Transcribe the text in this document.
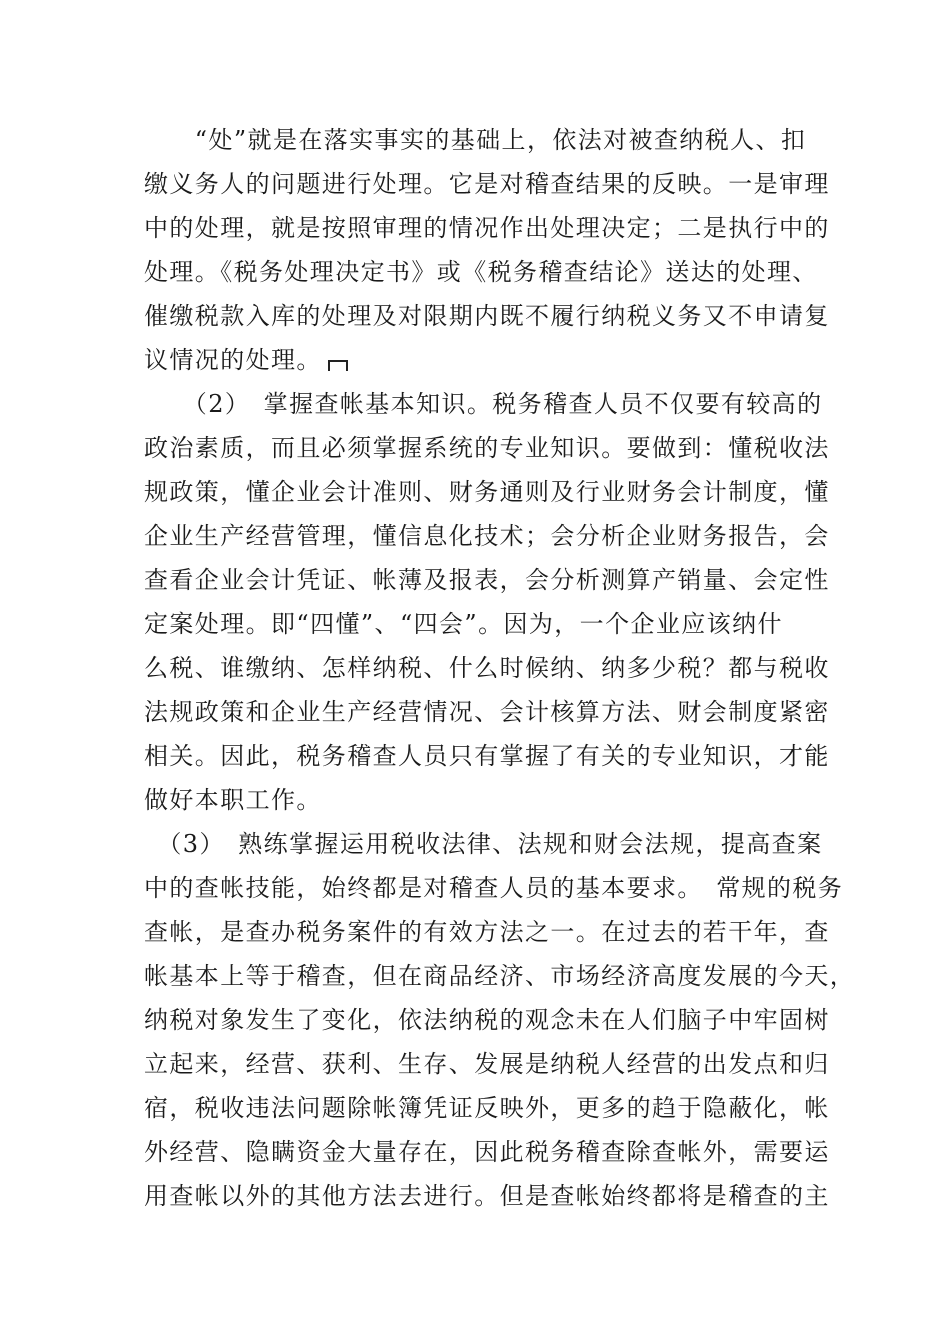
　　“处”就是在落实事实的基础上，依法对被查纳税人、扣
缴义务人的问题进行处理。它是对稽查结果的反映。一是审理
中的处理，就是按照审理的情况作出处理决定；二是执行中的
处理。《税务处理决定书》或《税务稽查结论》送达的处理、
催缴税款入库的处理及对限期内既不履行纳税义务又不申请复
议情况的处理。
　　（2）　掌握查帐基本知识。税务稽查人员不仅要有较高的
政治素质，而且必须掌握系统的专业知识。要做到：懂税收法
规政策，懂企业会计准则、财务通则及行业财务会计制度，懂
企业生产经营管理，懂信息化技术；会分析企业财务报告，会
查看企业会计凭证、帐薄及报表，会分析测算产销量、会定性
定案处理。即“四懂”、“四会”。因为，一个企业应该纳什
么税、谁缴纳、怎样纳税、什么时候纳、纳多少税？都与税收
法规政策和企业生产经营情况、会计核算方法、财会制度紧密
相关。因此，税务稽查人员只有掌握了有关的专业知识，才能
做好本职工作。
　（3）　熟练掌握运用税收法律、法规和财会法规，提高查案
中的查帐技能，始终都是对稽查人员的基本要求。　常规的税务
查帐，是查办税务案件的有效方法之一。在过去的若干年，查
帐基本上等于稽查，但在商品经济、市场经济高度发展的今天，
纳税对象发生了变化，依法纳税的观念未在人们脑子中牢固树
立起来，经营、获利、生存、发展是纳税人经营的出发点和归
宿，税收违法问题除帐簿凭证反映外，更多的趋于隐蔽化，帐
外经营、隐瞒资金大量存在，因此税务稽查除查帐外，需要运
用查帐以外的其他方法去进行。但是查帐始终都将是稽查的主
